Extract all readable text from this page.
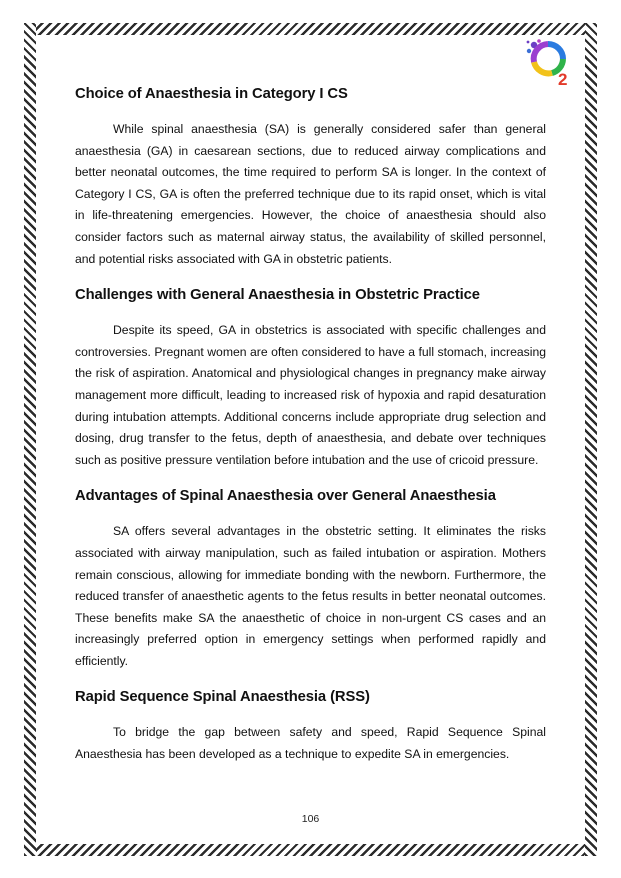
2
Choice of Anaesthesia in Category I CS

While spinal anaesthesia (SA) is generally considered safer than general anaesthesia (GA) in caesarean sections, due to reduced airway complications and better neonatal outcomes, the time required to perform SA is longer. In the context of Category I CS, GA is often the preferred technique due to its rapid onset, which is vital in life-threatening emergencies. However, the choice of anaesthesia should also consider factors such as maternal airway status, the availability of skilled personnel, and potential risks associated with GA in obstetric patients.

Challenges with General Anaesthesia in Obstetric Practice

Despite its speed, GA in obstetrics is associated with specific challenges and controversies. Pregnant women are often considered to have a full stomach, increasing the risk of aspiration. Anatomical and physiological changes in pregnancy make airway management more difficult, leading to increased risk of hypoxia and rapid desaturation during intubation attempts. Additional concerns include appropriate drug selection and dosing, drug transfer to the fetus, depth of anaesthesia, and debate over techniques such as positive pressure ventilation before intubation and the use of cricoid pressure.

Advantages of Spinal Anaesthesia over General Anaesthesia

SA offers several advantages in the obstetric setting. It eliminates the risks associated with airway manipulation, such as failed intubation or aspiration. Mothers remain conscious, allowing for immediate bonding with the newborn. Furthermore, the reduced transfer of anaesthetic agents to the fetus results in better neonatal outcomes. These benefits make SA the anaesthetic of choice in non-urgent CS cases and an increasingly preferred option in emergency settings when performed rapidly and efficiently.

Rapid Sequence Spinal Anaesthesia (RSS)

To bridge the gap between safety and speed, Rapid Sequence Spinal Anaesthesia has been developed as a technique to expedite SA in emergencies.

106
